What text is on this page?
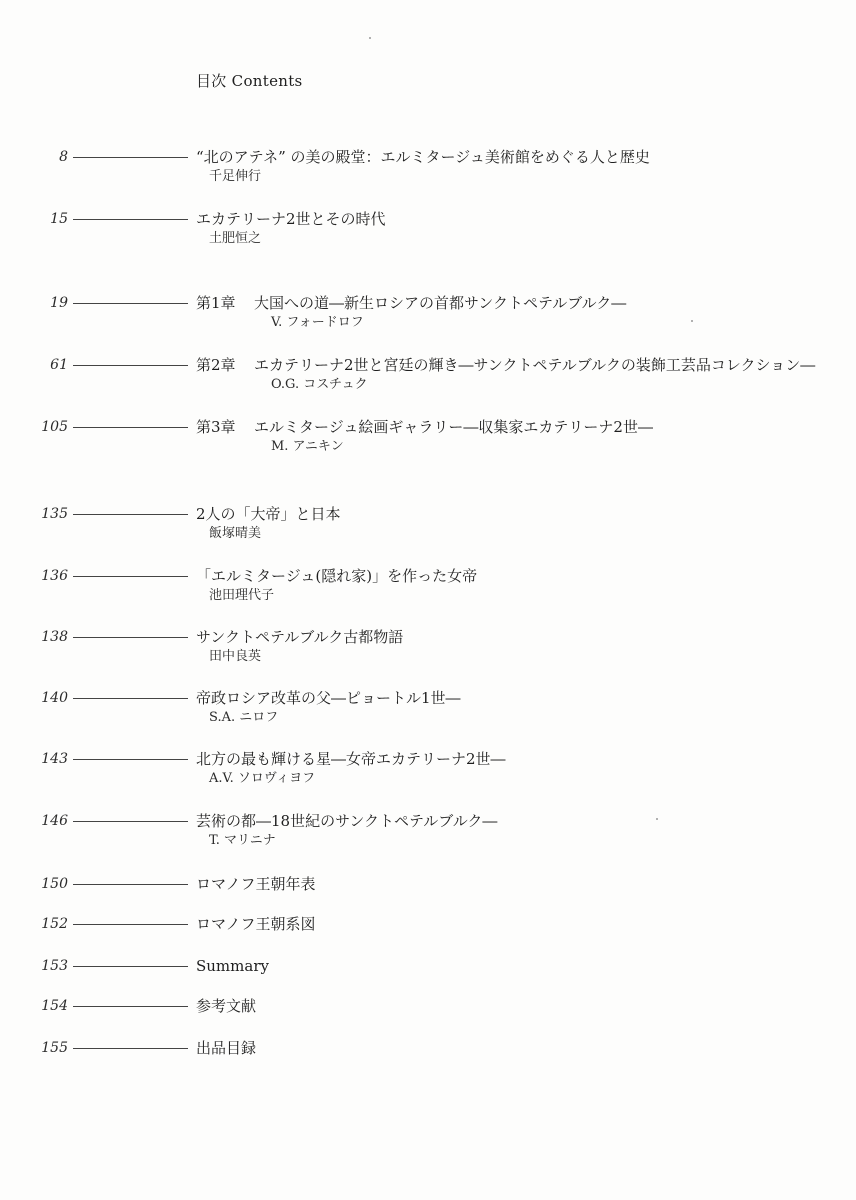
目次 Contents
8	“北のアテネ” の美の殿堂：エルミタージュ美術館をめぐる人と歴史
千足伸行
15	エカテリーナ2世とその時代
土肥恒之
19	第1章 大国への道―新生ロシアの首都サンクトペテルブルク―
V. フォードロフ
61	第2章 エカテリーナ2世と宮廷の輝き―サンクトペテルブルクの装飾工芸品コレクション―
O.G. コスチュク
105	第3章 エルミタージュ絵画ギャラリー―収集家エカテリーナ2世―
M. アニキン
135	2人の「大帝」と日本
飯塚晴美
136	「エルミタージュ(隠れ家)」を作った女帝
池田理代子
138	サンクトペテルブルク古都物語
田中良英
140	帝政ロシア改革の父―ピョートル1世―
S.A. ニロフ
143	北方の最も輝ける星―女帝エカテリーナ2世―
A.V. ソロヴィヨフ
146	芸術の都―18世紀のサンクトペテルブルク―
T. マリニナ
150	ロマノフ王朝年表
152	ロマノフ王朝系図
153	Summary
154	参考文献
155	出品目録
